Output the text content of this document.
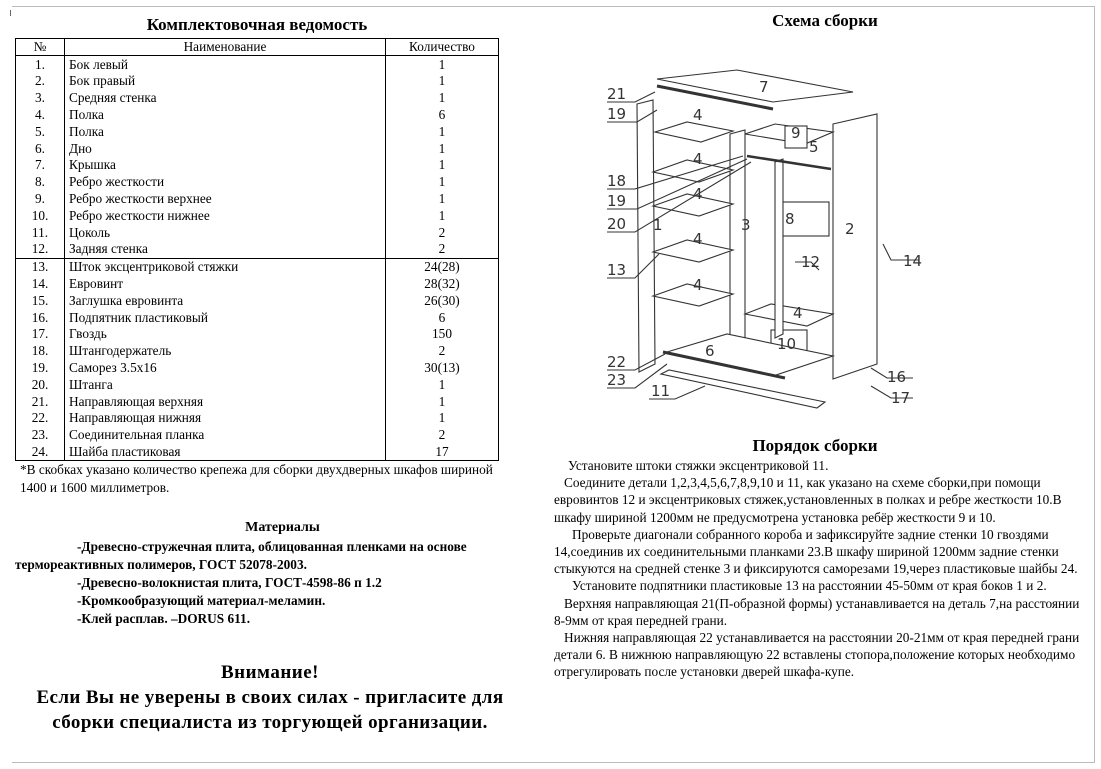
Комплектовочная ведомость
№	Наименование	Количество
1.	Бок левый	1
2.	Бок правый	1
3.	Средняя стенка	1
4.	Полка	6
5.	Полка	1
6.	Дно	1
7.	Крышка	1
8.	Ребро жесткости	1
9.	Ребро жесткости верхнее	1
10.	Ребро жесткости нижнее	1
11.	Цоколь	2
12.	Задняя стенка	2
13.	Шток эксцентриковой стяжки	24(28)
14.	Евровинт	28(32)
15.	Заглушка евровинта	26(30)
16.	Подпятник пластиковый	6
17.	Гвоздь	150
18.	Штангодержатель	2
19.	Саморез 3.5х16	30(13)
20.	Штанга	1
21.	Направляющая верхняя	1
22.	Направляющая нижняя	1
23.	Соединительная планка	2
24.	Шайба пластиковая	17
*В скобках указано количество крепежа для сборки двухдверных шкафов шириной 1400 и 1600 миллиметров.
Материалы
-Древесно-стружечная плита, облицованная пленками на основе
термореактивных полимеров, ГОСТ 52078-2003.
-Древесно-волокнистая плита, ГОСТ-4598-86 п 1.2
-Кромкообразующий материал-меламин.
-Клей расплав. –DORUS 611.
Внимание!
Если Вы не уверены в своих силах - пригласите для
сборки специалиста из торгующей организации.
Схема сборки
21
19
18
19
20
13
22
23
11
4
4
4
4
4
4
1	3
7
9
5
8
2
12	14
6	10
16
17
Порядок сборки

Установите штоки стяжки эксцентриковой 11.

Соедините детали 1,2,3,4,5,6,7,8,9,10 и 11, как указано на схеме сборки,при помощи евровинтов 12 и эксцентриковых стяжек,установленных в полках и ребре жесткости 10.В шкафу шириной 1200мм не предусмотрена установка ребёр жесткости 9 и 10.

Проверьте диагонали собранного короба и зафиксируйте задние стенки 10 гвоздями 14,соединив их соединительными планками 23.В шкафу шириной 1200мм задние стенки стыкуются на средней стенке 3 и фиксируются саморезами 19,через пластиковые шайбы 24.

Установите подпятники пластиковые 13 на расстоянии 45-50мм от края боков 1 и 2.

Верхняя направляющая 21(П-образной формы) устанавливается на деталь 7,на расстоянии 8-9мм от края передней грани.

Нижняя направляющая 22 устанавливается на расстоянии 20-21мм от края передней грани детали 6. В нижнюю направляющую 22 вставлены стопора,положение которых необходимо отрегулировать после установки дверей шкафа-купе.
